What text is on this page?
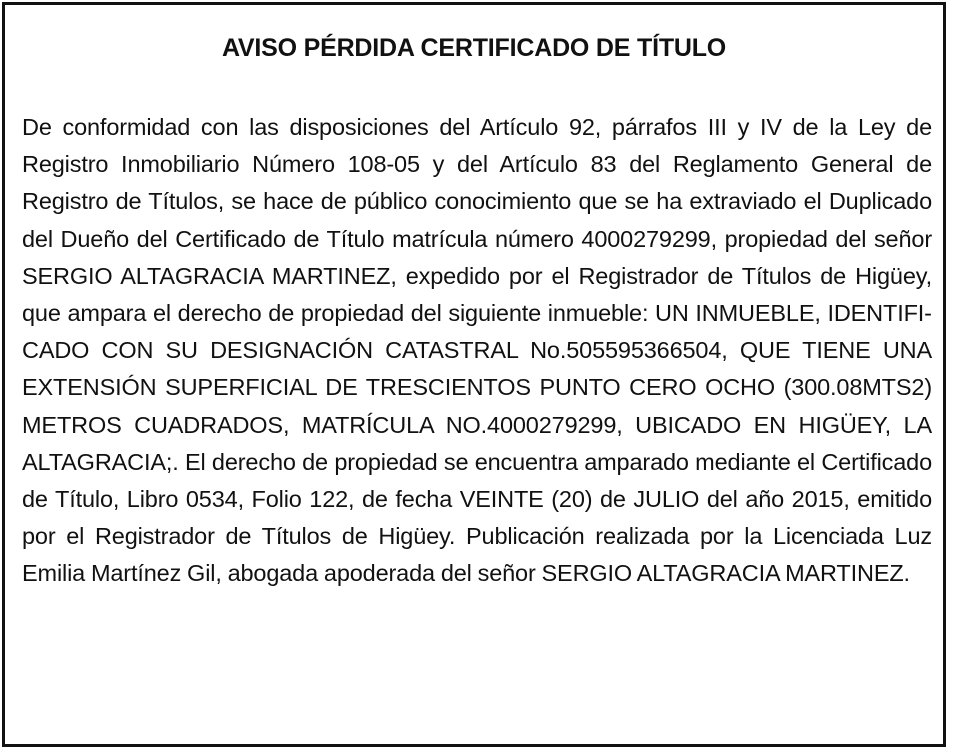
AVISO PÉRDIDA CERTIFICADO DE TÍTULO

De conformidad con las disposiciones del Artículo 92, párrafos III y IV de la Ley de Registro Inmobiliario Número 108-05 y del Artículo 83 del Reglamento General de Registro de Títulos, se hace de público conocimiento que se ha extraviado el Duplicado del Dueño del Certificado de Título matrícula número 4000279299, propiedad del señor SERGIO ALTAGRACIA MARTINEZ, expedido por el Registrador de Títulos de Higüey, que ampara el derecho de propiedad del siguiente inmueble: UN INMUEBLE, IDENTIFICADO CON SU DESIGNACIÓN CATASTRAL No.505595366504, QUE TIENE UNA EXTENSIÓN SUPERFICIAL DE TRESCIENTOS PUNTO CERO OCHO (300.08MTS2) METROS CUADRADOS, MATRÍCULA NO.4000279299, UBICADO EN HIGÜEY, LA ALTAGRACIA;. El derecho de propiedad se encuentra amparado mediante el Certificado de Título, Libro 0534, Folio 122, de fecha VEINTE (20) de JULIO del año 2015, emitido por el Registrador de Títulos de Higüey. Publicación realizada por la Licenciada Luz Emilia Martínez Gil, abogada apoderada del señor SERGIO ALTAGRACIA MARTINEZ.
